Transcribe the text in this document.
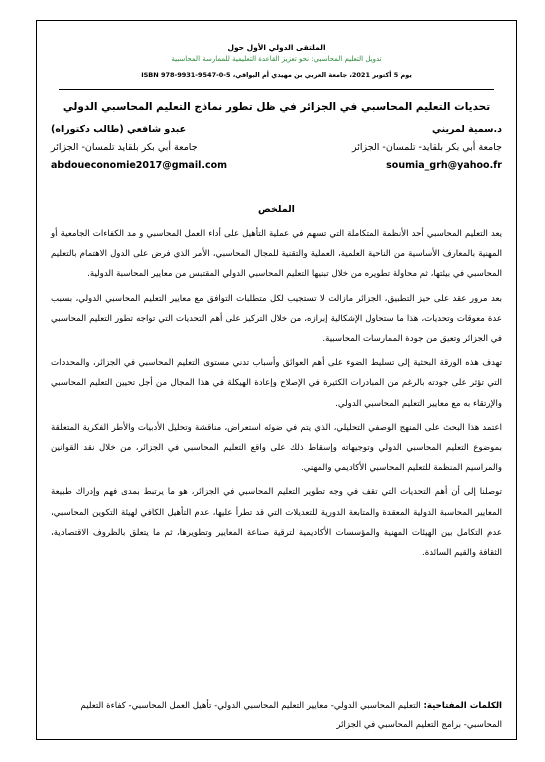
الملتقى الدولي الأول حول
تدويل التعليم المحاسبي: نحو تعزيز القاعدة التعليمية للممارسة المحاسبية
يوم 5 أكتوبر 2021، جامعة العربي بن مهيدي أم البواقي، ISBN 978-9931-9547-0-5
تحديات التعليم المحاسبي في الجزائر في ظل تطور نماذج التعليم المحاسبي الدولي
د.سمية لمريني
عبدو شافعي (طالب دكتوراه)
جامعة أبي بكر بلقايد- تلمسان- الجزائر
جامعة أبي بكر بلقايد تلمسان- الجزائر
soumia_grh@yahoo.fr
abdoueconomie2017@gmail.com
الملخص

يعد التعليم المحاسبي أحد الأنظمة المتكاملة التي تسهم في عملية التأهيل على أداء العمل المحاسبي و مد الكفاءات الجامعية أو المهنية بالمعارف الأساسية من الناحية العلمية، العملية والتقنية للمجال المحاسبي، الأمر الذي فرض على الدول الاهتمام بالتعليم المحاسبي في بيئتها، ثم محاولة تطويره من خلال تبنيها التعليم المحاسبي الدولي المقتبس من معايير المحاسبة الدولية.

بعد مرور عقد على حيز التطبيق، الجزائر مازالت لا تستجيب لكل متطلبات التوافق مع معايير التعليم المحاسبي الدولي، بسبب عدة معوقات وتحديات، هذا ما ستحاول الإشكالية إبرازه، من خلال التركيز على أهم التحديات التي تواجه تطور التعليم المحاسبي في الجزائر وتعيق من جودة الممارسات المحاسبية.

تهدف هذه الورقة البحثية إلى تسليط الضوء على أهم العوائق وأسباب تدني مستوى التعليم المحاسبي في الجزائر، والمحددات التي تؤثر على جودته بالرغم من المبادرات الكثيرة في الإصلاح وإعادة الهيكلة في هذا المجال من أجل تحيين التعليم المحاسبي والإرتقاء به مع معايير التعليم المحاسبي الدولي.

اعتمد هذا البحث على المنهج الوصفي التحليلي، الذي يتم في ضوئه استعراض، مناقشة وتحليل الأدبيات والأطر الفكرية المتعلقة بموضوع التعليم المحاسبي الدولي وتوجيهاته وإسقاط ذلك على واقع التعليم المحاسبي في الجزائر، من خلال نقد القوانين والمراسيم المنظمة للتعليم المحاسبي الأكاديمي والمهني.

توصلنا إلى أن أهم التحديات التي تقف في وجه تطوير التعليم المحاسبي في الجزائر، هو ما يرتبط بمدى فهم وإدراك طبيعة المعايير المحاسبة الدولية المعقدة والمتابعة الدورية للتعديلات التي قد تطرأ عليها، عدم التأهيل الكافي لهيئة التكوين المحاسبي، عدم التكامل بين الهيئات المهنية والمؤسسات الأكاديمية لترقية صناعة المعايير وتطويرها، ثم ما يتعلق بالظروف الاقتصادية، الثقافة والقيم السائدة.

الكلمات المفتاحية: التعليم المحاسبي الدولي- معايير التعليم المحاسبي الدولي- تأهيل العمل المحاسبي- كفاءة التعليم المحاسبي- برامج التعليم المحاسبي في الجزائر
